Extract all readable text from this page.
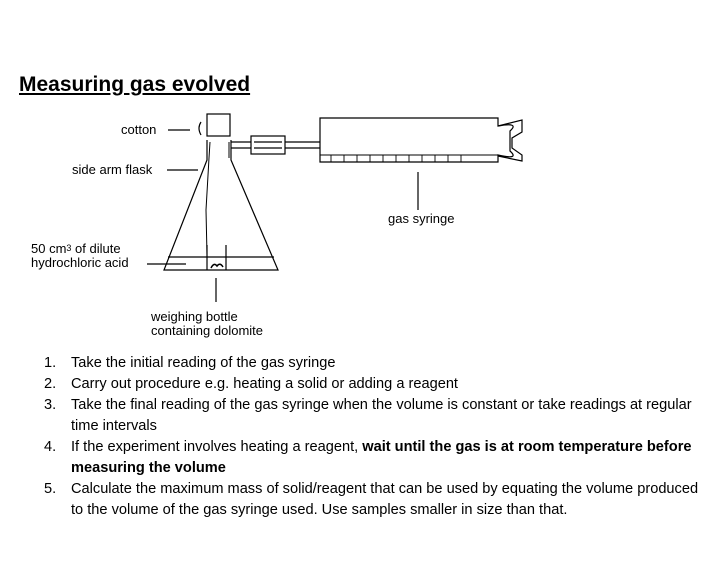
Measuring gas evolved
cotton
side arm flask
50 $cm^3$ of dilute
hydrochloric acid
gas syringe
weighing bottle
containing dolomite
1. Take the initial reading of the gas syringe
2. Carry out procedure e.g. heating a solid or adding a reagent
3. Take the final reading of the gas syringe when the volume is constant or take readings at regular time intervals
4. If the experiment involves heating a reagent, wait until the gas is at room temperature before measuring the volume
5. Calculate the maximum mass of solid/reagent that can be used by equating the volume produced to the volume of the gas syringe used. Use samples smaller in size than that.
